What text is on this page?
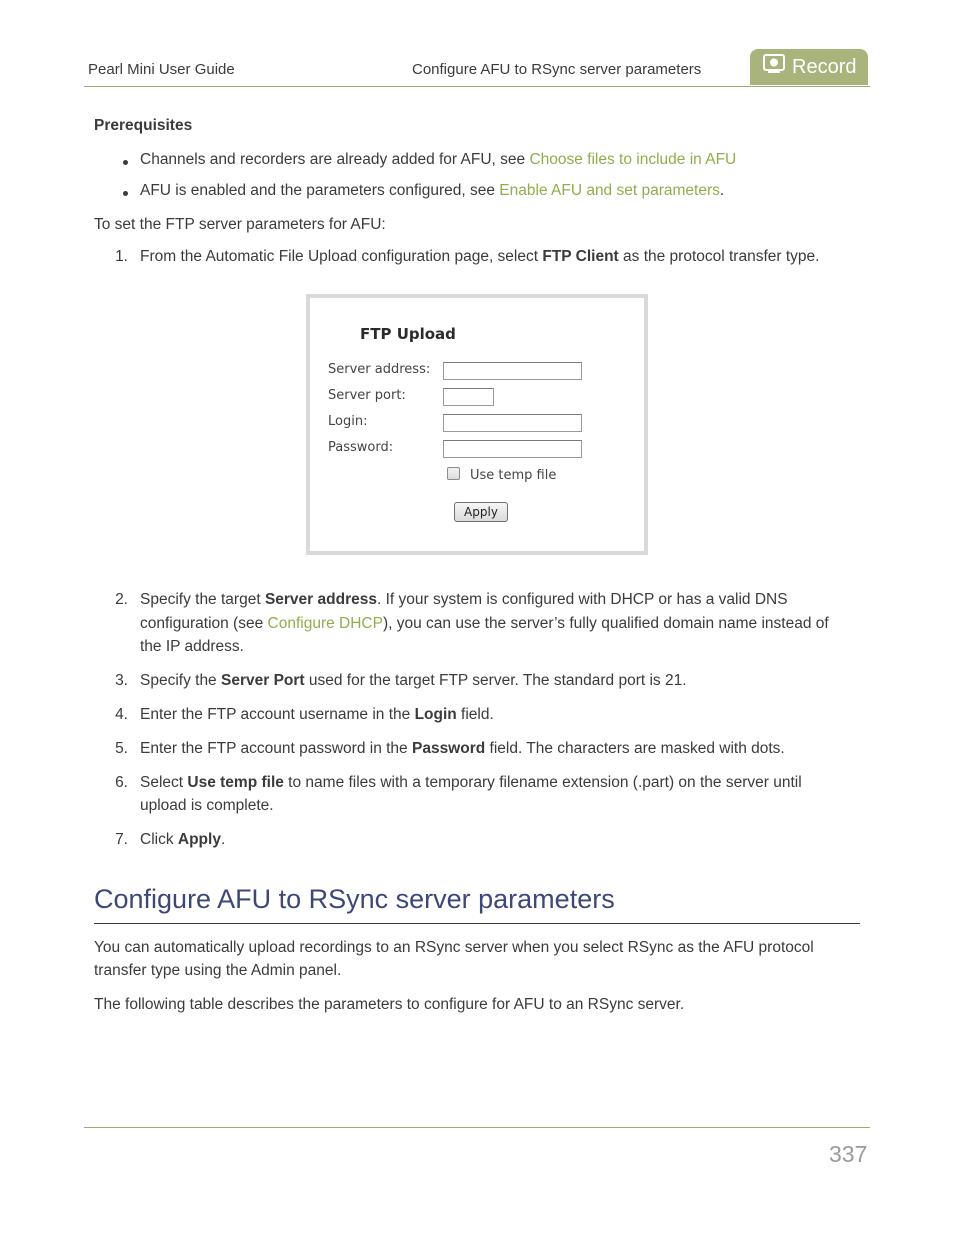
Pearl Mini User Guide	Configure AFU to RSync server parameters	Record
Prerequisites

Channels and recorders are already added for AFU, see Choose files to include in AFU

AFU is enabled and the parameters configured, see Enable AFU and set parameters.

To set the FTP server parameters for AFU:

1. From the Automatic File Upload configuration page, select FTP Client as the protocol transfer type.

FTP Upload
Server address:
Server port:
Login:
Password:
Use temp file
Apply
2. Specify the target Server address. If your system is configured with DHCP or has a valid DNS

configuration (see Configure DHCP), you can use the server’s fully qualified domain name instead of

the IP address.

3. Specify the Server Port used for the target FTP server. The standard port is 21.

4. Enter the FTP account username in the Login field.

5. Enter the FTP account password in the Password field. The characters are masked with dots.

6. Select Use temp file to name files with a temporary filename extension (.part) on the server until

upload is complete.

7. Click Apply.

Configure AFU to RSync server parameters

You can automatically upload recordings to an RSync server when you select RSync as the AFU protocol

transfer type using the Admin panel.

The following table describes the parameters to configure for AFU to an RSync server.

337
